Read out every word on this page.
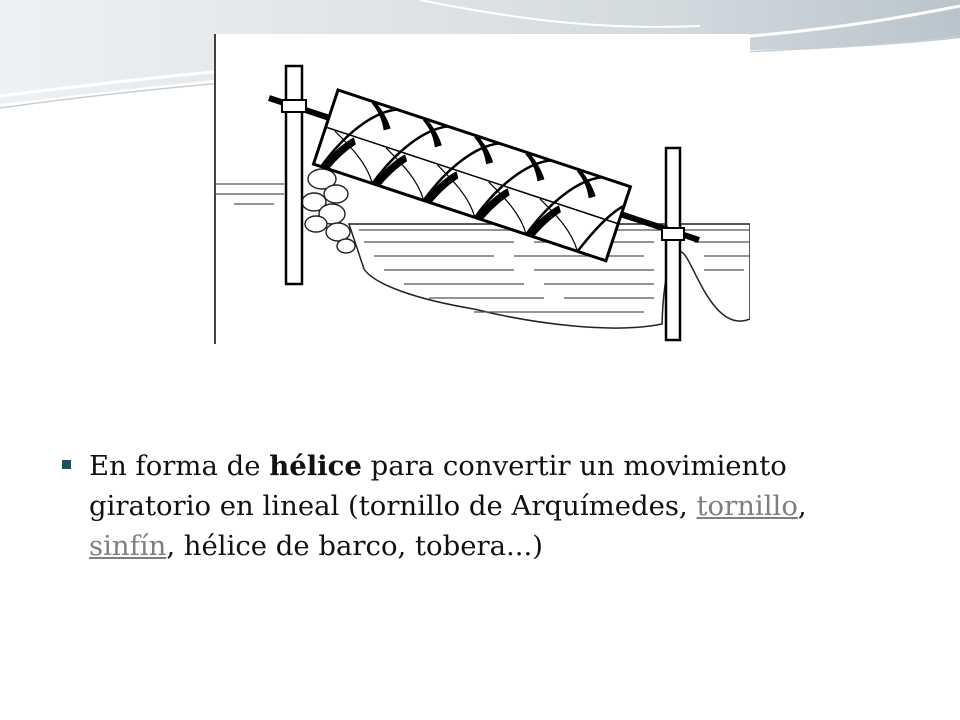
En forma de hélice para convertir un movimiento giratorio en lineal (tornillo de Arquímedes, tornillo, sinfín, hélice de barco, tobera...)
